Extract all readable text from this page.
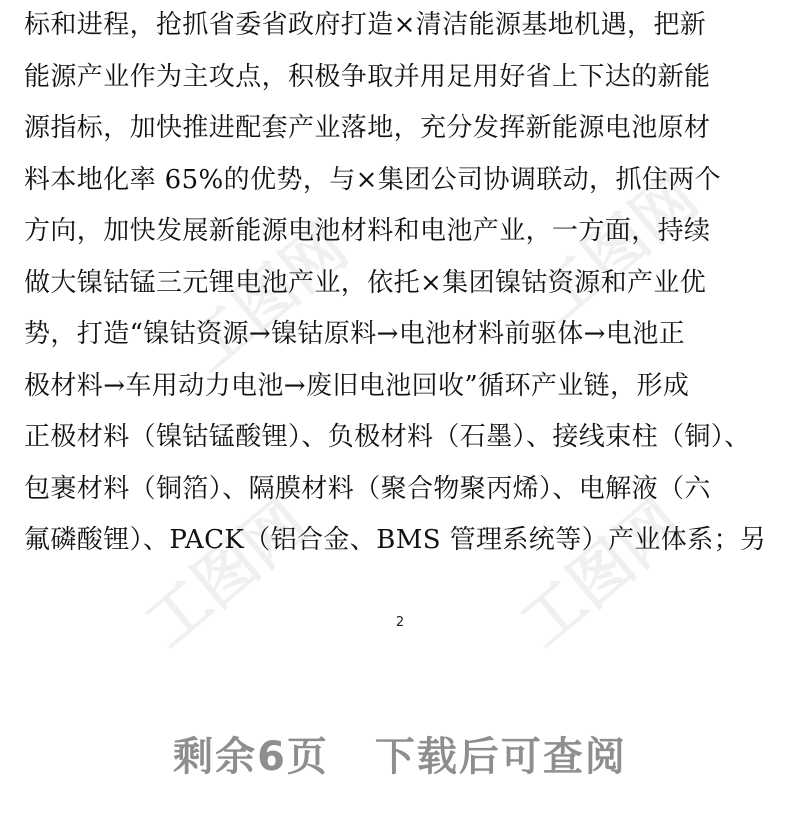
工图网	工图网
工图网	工图网
标和进程，抢抓省委省政府打造×清洁能源基地机遇，把新
能源产业作为主攻点，积极争取并用足用好省上下达的新能
源指标，加快推进配套产业落地，充分发挥新能源电池原材
料本地化率 65%的优势，与×集团公司协调联动，抓住两个
方向，加快发展新能源电池材料和电池产业，一方面，持续
做大镍钴锰三元锂电池产业，依托×集团镍钴资源和产业优
势，打造“镍钴资源→镍钴原料→电池材料前驱体→电池正
极材料→车用动力电池→废旧电池回收”循环产业链，形成
正极材料（镍钴锰酸锂）、负极材料（石墨）、接线束柱（铜）、
包裹材料（铜箔）、隔膜材料（聚合物聚丙烯）、电解液（六
氟磷酸锂）、PACK（铝合金、BMS 管理系统等）产业体系；另
2
剩余6页 下载后可查阅
